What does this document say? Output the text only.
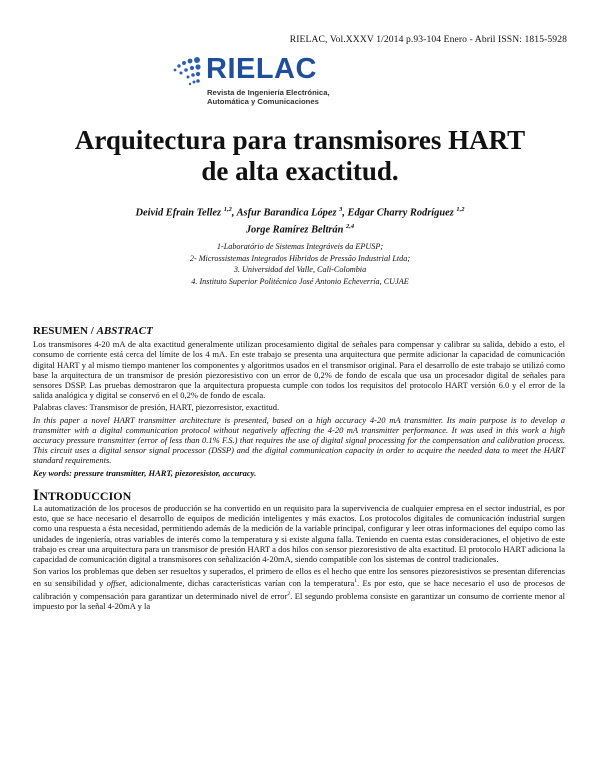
RIELAC, Vol.XXXV 1/2014 p.93-104 Enero - Abril ISSN: 1815-5928
RIELAC
Revista de Ingeniería Electrónica,
Automática y Comunicaciones
Arquitectura para transmisores HART
de alta exactitud.
Deivid Efrain Tellez $^{1,2}$, Asfur Barandica López $^3$, Edgar Charry Rodríguez $^{1,2}$
Jorge Ramírez Beltrán $^{2,4}$
1-Laboratório de Sistemas Integráveis da EPUSP;
2- Microssistemas Integrados Híbridos de Pressão Industrial Ltda;
3. Universidad del Valle, Cali-Colombia
4. Instituto Superior Politécnico José Antonio Echeverría, CUJAE
RESUMEN / ABSTRACT

Los transmisores 4-20 mA de alta exactitud generalmente utilizan procesamiento digital de señales para compensar y calibrar su salida, debido a esto, el consumo de corriente está cerca del límite de los 4 mA. En este trabajo se presenta una arquitectura que permite adicionar la capacidad de comunicación digital HART y al mismo tiempo mantener los componentes y algoritmos usados en el transmisor original. Para el desarrollo de este trabajo se utilizó como base la arquitectura de un transmisor de presión piezoresistivo con un error de 0,2% de fondo de escala que usa un procesador digital de señales para sensores DSSP. Las pruebas demostraron que la arquitectura propuesta cumple con todos los requisitos del protocolo HART versión 6.0 y el error de la salida analógica y digital se conservó en el 0,2% de fondo de escala.

Palabras claves: Transmisor de presión, HART, piezorresistor, exactitud.

In this paper a novel HART transmitter architecture is presented, based on a high accuracy 4-20 mA transmitter. Its main purpose is to develop a transmitter with a digital communication protocol without negatively affecting the 4-20 mA transmitter performance. It was used in this work a high accuracy pressure transmitter (error of less than 0.1% F.S.) that requires the use of digital signal processing for the compensation and calibration process. This circuit uses a digital sensor signal processor (DSSP) and the digital communication capacity in order to acquire the needed data to meet the HART standard requirements.

Key words: pressure transmitter, HART, piezoresistor, accuracy.

INTRODUCCION

La automatización de los procesos de producción se ha convertido en un requisito para la supervivencia de cualquier empresa en el sector industrial, es por esto, que se hace necesario el desarrollo de equipos de medición inteligentes y más exactos. Los protocolos digitales de comunicación industrial surgen como una respuesta a ésta necesidad, permitiendo además de la medición de la variable principal, configurar y leer otras informaciones del equipo como las unidades de ingeniería, otras variables de interés como la temperatura y si existe alguna falla. Teniendo en cuenta estas consideraciones, el objetivo de este trabajo es crear una arquitectura para un transmisor de presión HART a dos hilos con sensor piezoresistivo de alta exactitud. El protocolo HART adiciona la capacidad de comunicación digital a transmisores con señalización 4-20mA, siendo compatible con los sistemas de control tradicionales.

Son varios los problemas que deben ser resueltos y superados, el primero de ellos es el hecho que entre los sensores piezoresistivos se presentan diferencias en su sensibilidad y offset, adicionalmente, dichas características varían con la temperatura$^1$. Es por esto, que se hace necesario el uso de procesos de calibración y compensación para garantizar un determinado nivel de error$^2$. El segundo problema consiste en garantizar un consumo de corriente menor al impuesto por la señal 4-20mA y la
